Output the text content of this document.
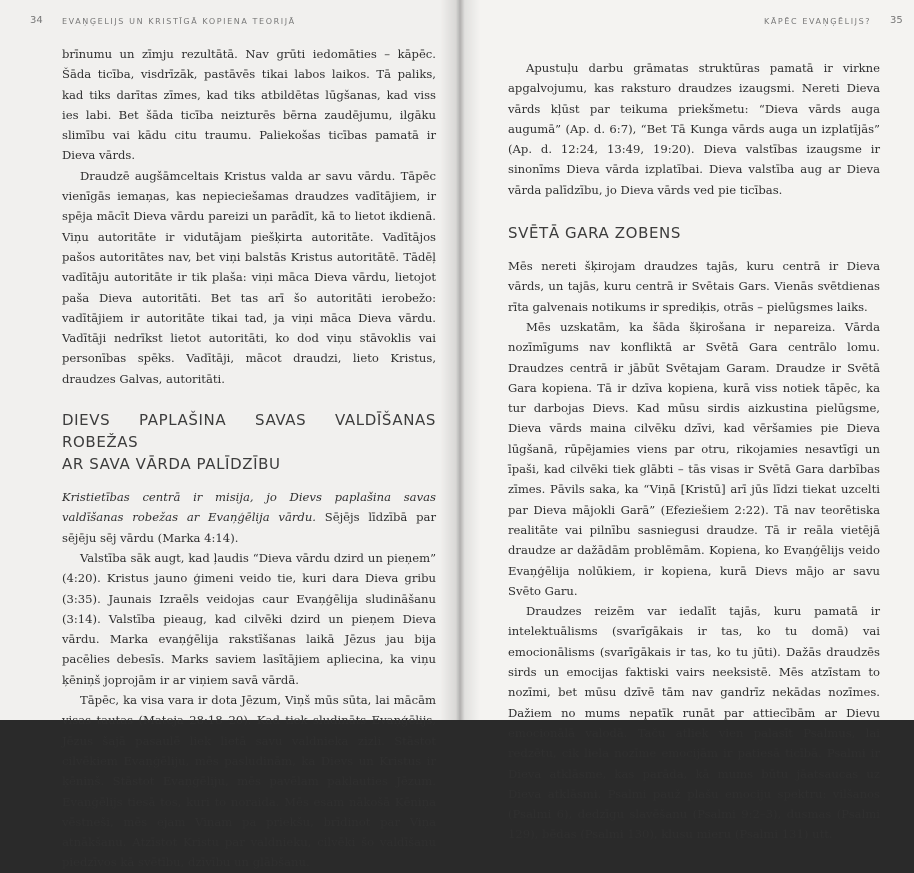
34 EVAŅĢELIJS UN KRISTĪGĀ KOPIENA TEORIJĀ

brīnumu un zīmju rezultātā. Nav grūti iedomāties – kāpēc. Šāda ticība, visdrīzāk, pastāvēs tikai labos laikos. Tā paliks, kad tiks darītas zīmes, kad tiks atbildētas lūgšanas, kad viss ies labi. Bet šāda ticība neizturēs bērna zaudējumu, ilgāku slimību vai kādu citu traumu. Paliekošas ticības pamatā ir Dieva vārds.

Draudzē augšāmceltais Kristus valda ar savu vārdu. Tāpēc vienīgās iemaņas, kas nepieciešamas draudzes vadītājiem, ir spēja mācīt Dieva vārdu pareizi un parādīt, kā to lietot ikdienā. Viņu autoritāte ir vidutājam piešķirta autoritāte. Vadītājos pašos autoritātes nav, bet viņi balstās Kristus autoritātē. Tādēļ vadītāju autoritāte ir tik plaša: viņi māca Dieva vārdu, lietojot paša Dieva autoritāti. Bet tas arī šo autoritāti ierobežo: vadītājiem ir autoritāte tikai tad, ja viņi māca Dieva vārdu. Vadītāji nedrīkst lietot autoritāti, ko dod viņu stāvoklis vai personības spēks. Vadītāji, mācot draudzi, lieto Kristus, draudzes Galvas, autoritāti.

DIEVS PAPLAŠINA SAVAS VALDĪŠANAS ROBEŽAS

AR SAVA VĀRDA PALĪDZĪBU

Kristietības centrā ir misija, jo Dievs paplašina savas valdīšanas robežas ar Evaņģēlija vārdu. Sējējs līdzībā par sējēju sēj vārdu (Marka 4:14).

Valstība sāk augt, kad ļaudis “Dieva vārdu dzird un pieņem” (4:20). Kristus jauno ģimeni veido tie, kuri dara Dieva gribu (3:35). Jaunais Izraēls veidojas caur Evaņģēlija sludināšanu (3:14). Valstība pieaug, kad cilvēki dzird un pieņem Dieva vārdu. Marka evaņģēlija rakstīšanas laikā Jēzus jau bija pacēlies debesīs. Marks saviem lasītājiem apliecina, ka viņu ķēniņš joprojām ir ar viņiem savā vārdā.

Tāpēc, ka visa vara ir dota Jēzum, Viņš mūs sūta, lai mācām visas tautas (Mateja 28:18–20). Kad tiek sludināts Evaņģēlijs, Jēzus šajā pasaulē liek lietā savu valdnieka zizli. Stāstot cilvēkiem Evaņģēliju, mēs pasludinām, ka Dievs un Kristus ir ķēniņš. Stāstot Evaņģēliju, mēs pavēlam pakļauties Jēzum. Evaņģēlijs tiesā tos, kuri to noraida. Mēs esam nākošā Ķēniņa vēstneši, mēs ejam Viņam pa priekšu, brīdinot par Viņa atnākšanu. Atzīstot Kristu par valdnieku, cilvēki šo valdīšanu piedzīvos kā svētību, dzīvību un glābšanu.

KĀPĒC EVAŅĢĒLIJS? 35

Apustuļu darbu grāmatas struktūras pamatā ir virkne apgalvojumu, kas raksturo draudzes izaugsmi. Nereti Dieva vārds kļūst par teikuma priekšmetu: “Dieva vārds auga augumā” (Ap. d. 6:7), “Bet Tā Kunga vārds auga un izplatījās” (Ap. d. 12:24, 13:49, 19:20). Dieva valstības izaugsme ir sinonīms Dieva vārda izplatībai. Dieva valstība aug ar Dieva vārda palīdzību, jo Dieva vārds ved pie ticības.

SVĒTĀ GARA ZOBENS

Mēs nereti šķirojam draudzes tajās, kuru centrā ir Dieva vārds, un tajās, kuru centrā ir Svētais Gars. Vienās svētdienas rīta galvenais notikums ir sprediķis, otrās – pielūgsmes laiks.

Mēs uzskatām, ka šāda šķirošana ir nepareiza. Vārda nozīmīgums nav konfliktā ar Svētā Gara centrālo lomu. Draudzes centrā ir jābūt Svētajam Garam. Draudze ir Svētā Gara kopiena. Tā ir dzīva kopiena, kurā viss notiek tāpēc, ka tur darbojas Dievs. Kad mūsu sirdis aizkustina pielūgsme, Dieva vārds maina cilvēku dzīvi, kad vēršamies pie Dieva lūgšanā, rūpējamies viens par otru, rikojamies nesavtīgi un īpaši, kad cilvēki tiek glābti – tās visas ir Svētā Gara darbības zīmes. Pāvils saka, ka “Viņā [Kristū] arī jūs līdzi tiekat uzcelti par Dieva mājokli Garā” (Efeziešiem 2:22). Tā nav teorētiska realitāte vai pilnību sasniegusi draudze. Tā ir reāla vietējā draudze ar dažādām problēmām. Kopiena, ko Evaņģēlijs veido Evaņģēlija nolūkiem, ir kopiena, kurā Dievs mājo ar savu Svēto Garu.

Draudzes reizēm var iedalīt tajās, kuru pamatā ir intelektuālisms (svarīgākais ir tas, ko tu domā) vai emocionālisms (svarīgākais ir tas, ko tu jūti). Dažās draudzēs sirds un emocijas faktiski vairs neeksistē. Mēs atzīstam to nozīmi, bet mūsu dzīvē tām nav gandrīz nekādas nozīmes. Dažiem no mums nepatīk runāt par attiecībām ar Dievu emocionālā valodā. Taču atliek vien palasīt Psalmus, lai redzētu, cik liela nozīme emocijām ir patiesā ticībā. Psalmi ir Dieva atklāsme, kas parāda, kā mums būtu jāatsaucas uz Dieva atklāsmi. Psalmi pauž plašu emociju spektru: vilšanos (Psalmi 6), dedzīgu slavēšanu (Psalmi 9:2–3), dusmas (Psalmi 129), bēdas (Psalmi 130), klusu mieru (Psalmi 131) utt.
